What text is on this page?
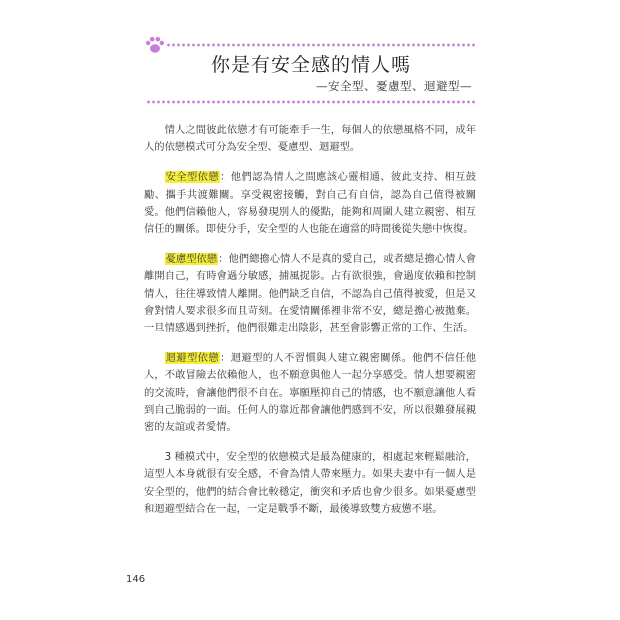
你是有安全感的情人嗎
—安全型、憂慮型、迴避型—

情人之間彼此依戀才有可能牽手一生，每個人的依戀風格不同，成年人的依戀模式可分為安全型、憂慮型、迴避型。

安全型依戀：他們認為情人之間應該心靈相通、彼此支持、相互鼓勵、攜手共渡難關。享受親密接觸，對自己有自信，認為自己值得被關愛。他們信賴他人，容易發現別人的優點，能夠和周圍人建立親密、相互信任的關係。即使分手，安全型的人也能在適當的時間後從失戀中恢復。

憂慮型依戀：他們總擔心情人不是真的愛自己，或者總是擔心情人會離開自己，有時會過分敏感，捕風捉影。占有欲很強，會過度依賴和控制情人，往往導致情人離開。他們缺乏自信，不認為自己值得被愛，但是又會對情人要求很多而且苛刻。在愛情關係裡非常不安，總是擔心被拋棄。一旦情感遇到挫折，他們很難走出陰影，甚至會影響正常的工作、生活。

迴避型依戀：迴避型的人不習慣與人建立親密關係。他們不信任他人，不敢冒險去依賴他人，也不願意與他人一起分享感受。情人想要親密的交流時，會讓他們很不自在。寧願壓抑自己的情感，也不願意讓他人看到自己脆弱的一面。任何人的靠近都會讓他們感到不安，所以很難發展親密的友誼或者愛情。

3 種模式中，安全型的依戀模式是最為健康的，相處起來輕鬆融洽，這型人本身就很有安全感，不會為情人帶來壓力。如果夫妻中有一個人是安全型的，他們的結合會比較穩定，衝突和矛盾也會少很多。如果憂慮型和迴避型結合在一起，一定是戰爭不斷，最後導致雙方疲憊不堪。

146
